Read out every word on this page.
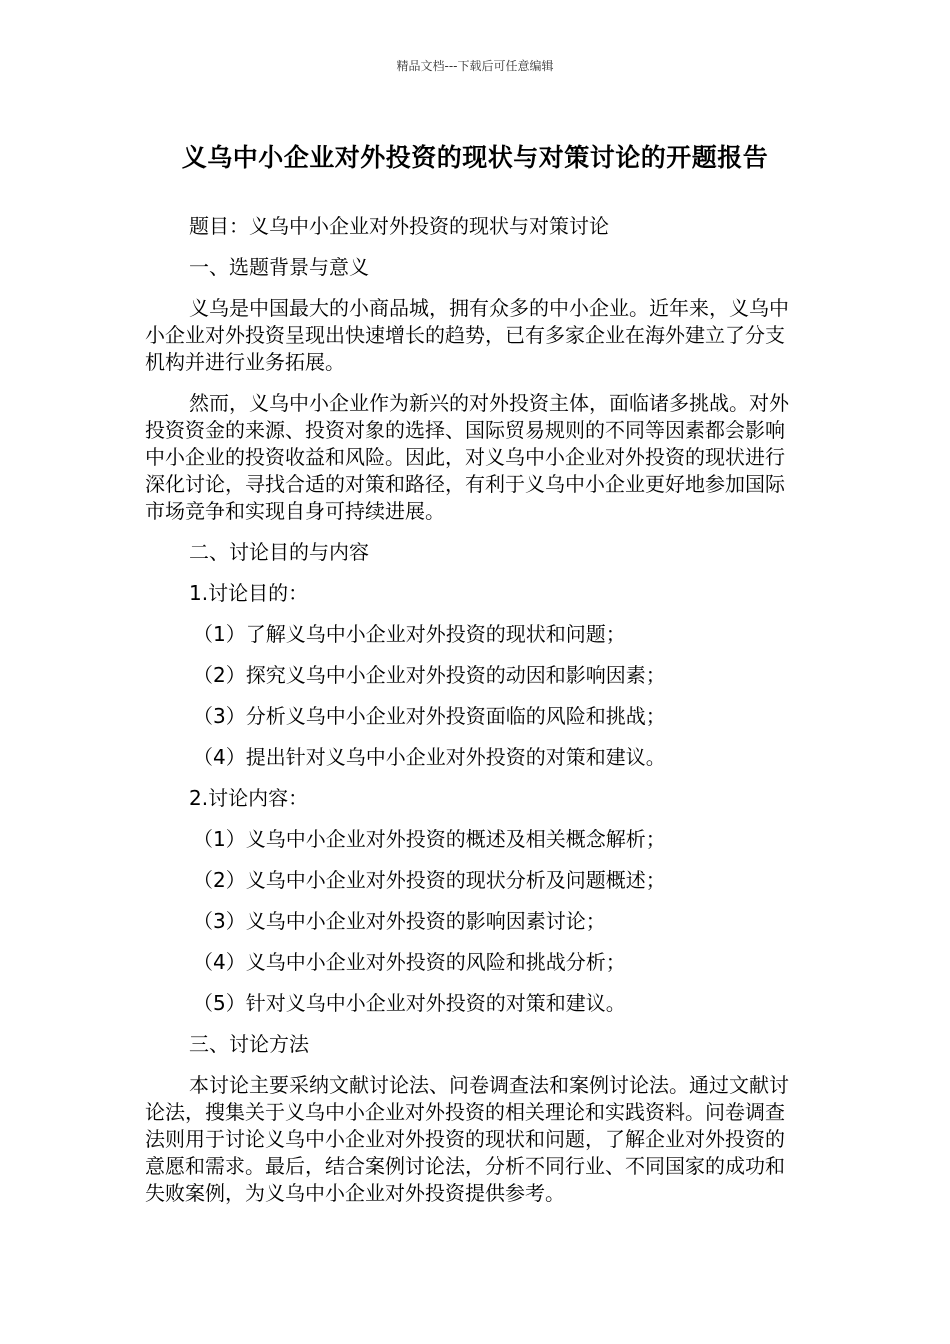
精品文档---下载后可任意编辑
义乌中小企业对外投资的现状与对策讨论的开题报告

题目：义乌中小企业对外投资的现状与对策讨论

一、选题背景与意义

义乌是中国最大的小商品城，拥有众多的中小企业。近年来，义乌中小企业对外投资呈现出快速增长的趋势，已有多家企业在海外建立了分支机构并进行业务拓展。

然而，义乌中小企业作为新兴的对外投资主体，面临诸多挑战。对外投资资金的来源、投资对象的选择、国际贸易规则的不同等因素都会影响中小企业的投资收益和风险。因此，对义乌中小企业对外投资的现状进行深化讨论，寻找合适的对策和路径，有利于义乌中小企业更好地参加国际市场竞争和实现自身可持续进展。

二、讨论目的与内容

1.讨论目的：

（1）了解义乌中小企业对外投资的现状和问题；

（2）探究义乌中小企业对外投资的动因和影响因素；

（3）分析义乌中小企业对外投资面临的风险和挑战；

（4）提出针对义乌中小企业对外投资的对策和建议。

2.讨论内容：

（1）义乌中小企业对外投资的概述及相关概念解析；

（2）义乌中小企业对外投资的现状分析及问题概述；

（3）义乌中小企业对外投资的影响因素讨论；

（4）义乌中小企业对外投资的风险和挑战分析；

（5）针对义乌中小企业对外投资的对策和建议。

三、讨论方法

本讨论主要采纳文献讨论法、问卷调查法和案例讨论法。通过文献讨论法，搜集关于义乌中小企业对外投资的相关理论和实践资料。问卷调查法则用于讨论义乌中小企业对外投资的现状和问题，了解企业对外投资的意愿和需求。最后，结合案例讨论法，分析不同行业、不同国家的成功和失败案例，为义乌中小企业对外投资提供参考。
